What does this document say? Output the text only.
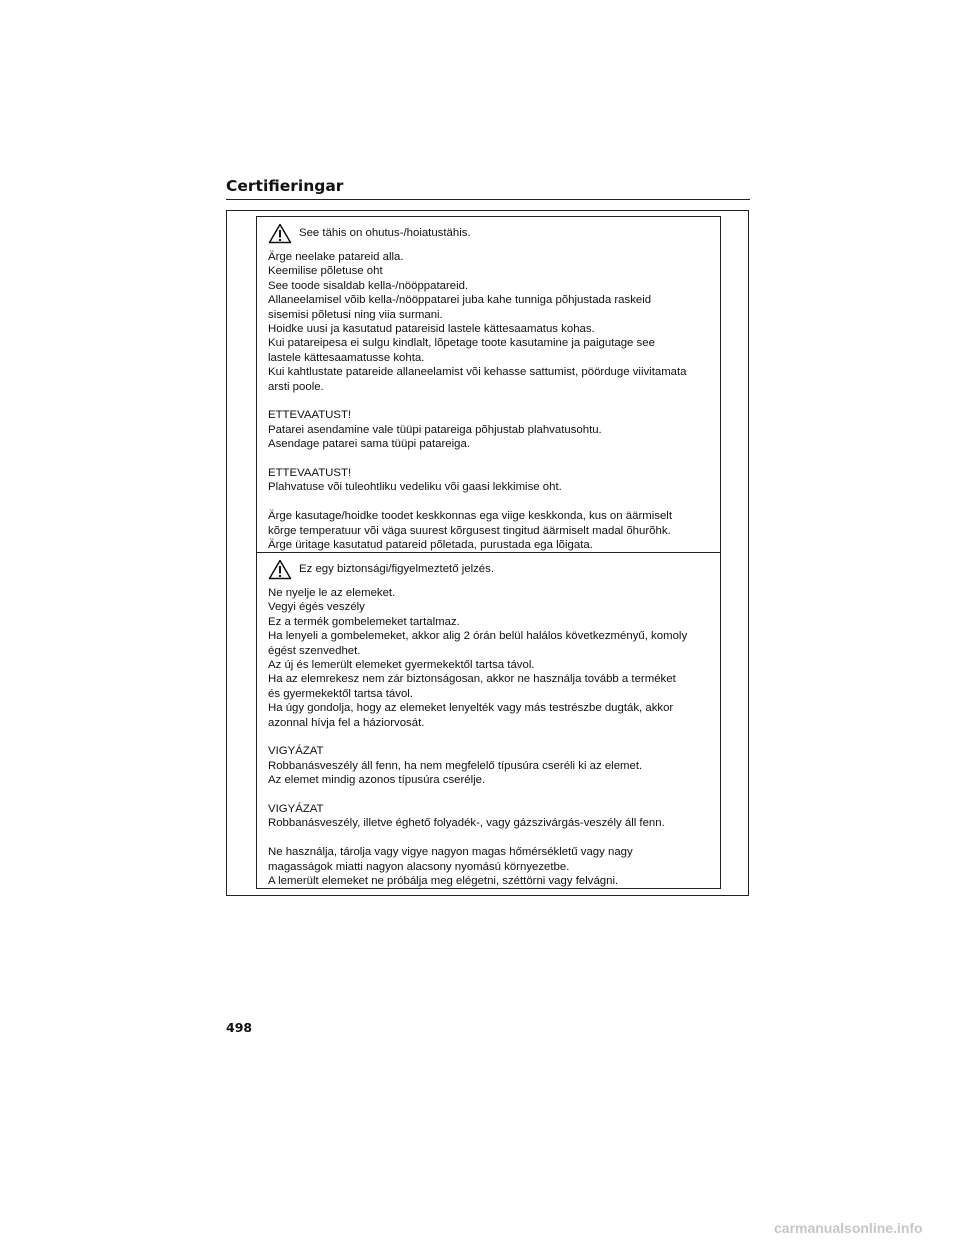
Certifieringar
See tähis on ohutus-/hoiatustähis.

Ärge neelake patareid alla.
Keemilise põletuse oht
See toode sisaldab kella-/nööppatareid.
Allaneelamisel võib kella-/nööppatarei juba kahe tunniga põhjustada raskeid
sisemisi põletusi ning viia surmani.
Hoidke uusi ja kasutatud patareisid lastele kättesaamatus kohas.
Kui patareipesa ei sulgu kindlalt, lõpetage toote kasutamine ja paigutage see
lastele kättesaamatusse kohta.
Kui kahtlustate patareide allaneelamist või kehasse sattumist, pöörduge viivitamata
arsti poole.

ETTEVAATUST!
Patarei asendamine vale tüüpi patareiga põhjustab plahvatusohtu.
Asendage patarei sama tüüpi patareiga.

ETTEVAATUST!
Plahvatuse või tuleohtliku vedeliku või gaasi lekkimise oht.

Ärge kasutage/hoidke toodet keskkonnas ega viige keskkonda, kus on äärmiselt
kõrge temperatuur või väga suurest kõrgusest tingitud äärmiselt madal õhurõhk.
Ärge üritage kasutatud patareid põletada, purustada ega lõigata.

Ez egy biztonsági/figyelmeztető jelzés.

Ne nyelje le az elemeket.
Vegyi égés veszély
Ez a termék gombelemeket tartalmaz.
Ha lenyeli a gombelemeket, akkor alig 2 órán belül halálos következményű, komoly
égést szenvedhet.
Az új és lemerült elemeket gyermekektől tartsa távol.
Ha az elemrekesz nem zár biztonságosan, akkor ne használja tovább a terméket
és gyermekektől tartsa távol.
Ha úgy gondolja, hogy az elemeket lenyelték vagy más testrészbe dugták, akkor
azonnal hívja fel a háziorvosát.

VIGYÁZAT
Robbanásveszély áll fenn, ha nem megfelelő típusúra cseréli ki az elemet.
Az elemet mindig azonos típusúra cserélje.

VIGYÁZAT
Robbanásveszély, illetve éghető folyadék-, vagy gázszivárgás-veszély áll fenn.

Ne használja, tárolja vagy vigye nagyon magas hőmérsékletű vagy nagy
magasságok miatti nagyon alacsony nyomású környezetbe.
A lemerült elemeket ne próbálja meg elégetni, széttörni vagy felvágni.

498
carmanualsonline.info
